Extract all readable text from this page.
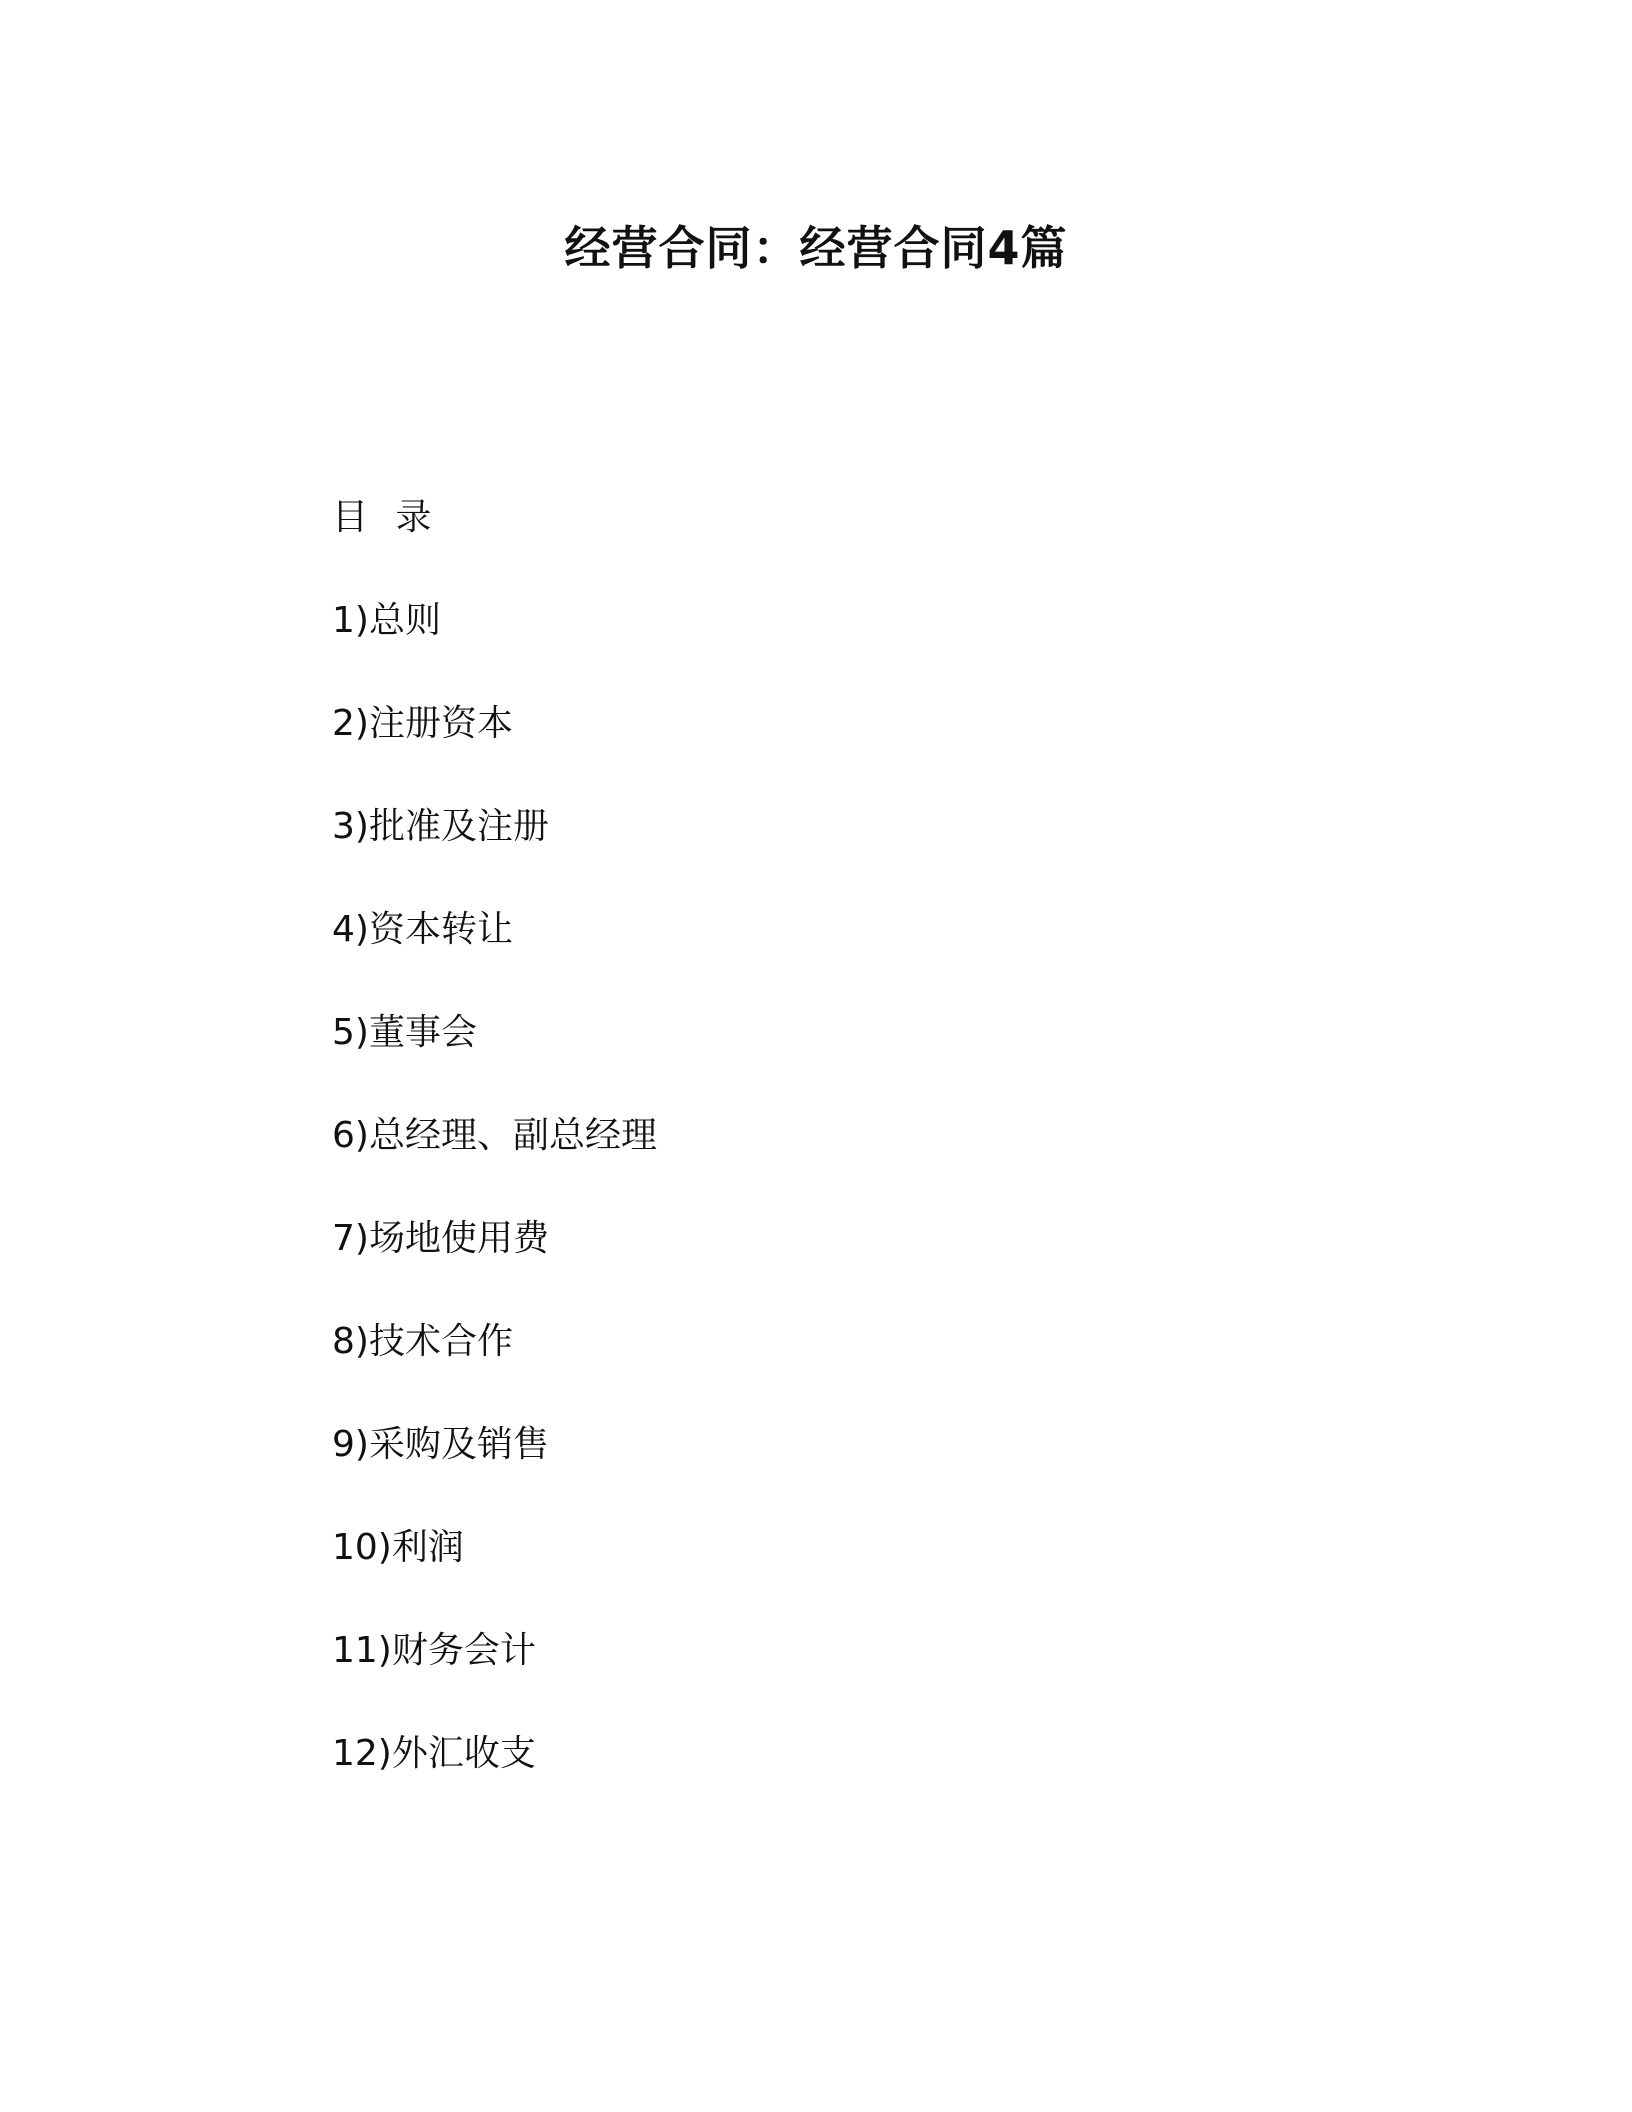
经营合同：经营合同4篇
目 录
1)总则
2)注册资本
3)批准及注册
4)资本转让
5)董事会
6)总经理、副总经理
7)场地使用费
8)技术合作
9)采购及销售
10)利润
11)财务会计
12)外汇收支
